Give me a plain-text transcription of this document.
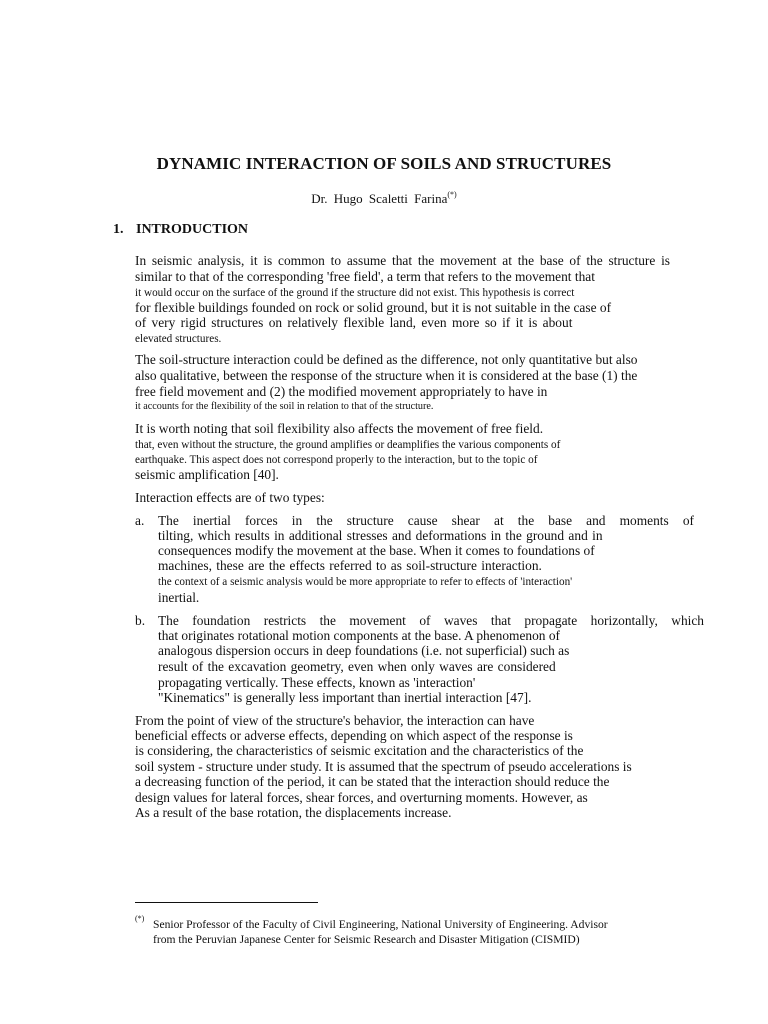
DYNAMIC INTERACTION OF SOILS AND STRUCTURES
Dr. Hugo Scaletti Farina(*)
1. INTRODUCTION
In seismic analysis, it is common to assume that the movement at the base of the structure is
similar to that of the corresponding 'free field', a term that refers to the movement that
it would occur on the surface of the ground if the structure did not exist. This hypothesis is correct
for flexible buildings founded on rock or solid ground, but it is not suitable in the case of
of very rigid structures on relatively flexible land, even more so if it is about
elevated structures.
The soil-structure interaction could be defined as the difference, not only quantitative but also
also qualitative, between the response of the structure when it is considered at the base (1) the
free field movement and (2) the modified movement appropriately to have in
it accounts for the flexibility of the soil in relation to that of the structure.
It is worth noting that soil flexibility also affects the movement of free field.
that, even without the structure, the ground amplifies or deamplifies the various components of
earthquake. This aspect does not correspond properly to the interaction, but to the topic of
seismic amplification [40].
Interaction effects are of two types:
a. The inertial forces in the structure cause shear at the base and moments of
tilting, which results in additional stresses and deformations in the ground and in
consequences modify the movement at the base. When it comes to foundations of
machines, these are the effects referred to as soil-structure interaction.
the context of a seismic analysis would be more appropriate to refer to effects of 'interaction'
inertial.
b. The foundation restricts the movement of waves that propagate horizontally, which
that originates rotational motion components at the base. A phenomenon of
analogous dispersion occurs in deep foundations (i.e. not superficial) such as
result of the excavation geometry, even when only waves are considered
propagating vertically. These effects, known as 'interaction'
"Kinematics" is generally less important than inertial interaction [47].
From the point of view of the structure's behavior, the interaction can have
beneficial effects or adverse effects, depending on which aspect of the response is
is considering, the characteristics of seismic excitation and the characteristics of the
soil system - structure under study. It is assumed that the spectrum of pseudo accelerations is
a decreasing function of the period, it can be stated that the interaction should reduce the
design values for lateral forces, shear forces, and overturning moments. However, as
As a result of the base rotation, the displacements increase.
(*) Senior Professor of the Faculty of Civil Engineering, National University of Engineering. Advisor
from the Peruvian Japanese Center for Seismic Research and Disaster Mitigation (CISMID)
